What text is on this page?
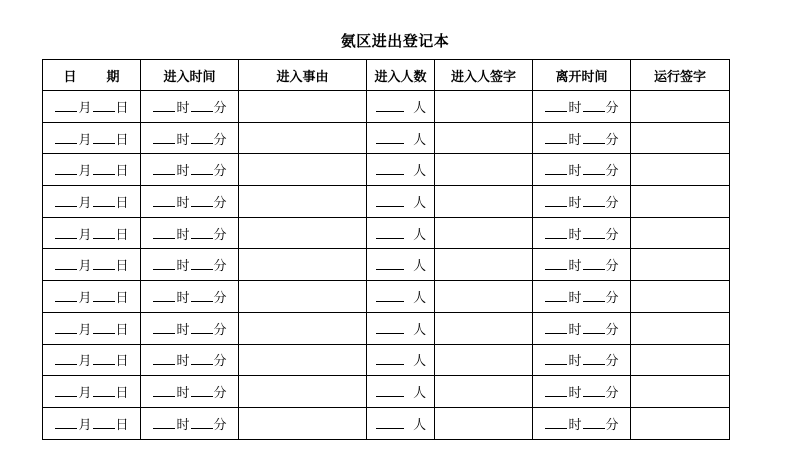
氨区进出登记本
日 期	进入时间	进入事由	进入人数	进入人签字	离开时间	运行签字
月 日	时 分		人		时 分	
月 日	时 分		人		时 分	
月 日	时 分		人		时 分	
月 日	时 分		人		时 分	
月 日	时 分		人		时 分	
月 日	时 分		人		时 分	
月 日	时 分		人		时 分	
月 日	时 分		人		时 分	
月 日	时 分		人		时 分	
月 日	时 分		人		时 分	
月 日	时 分		人		时 分	
